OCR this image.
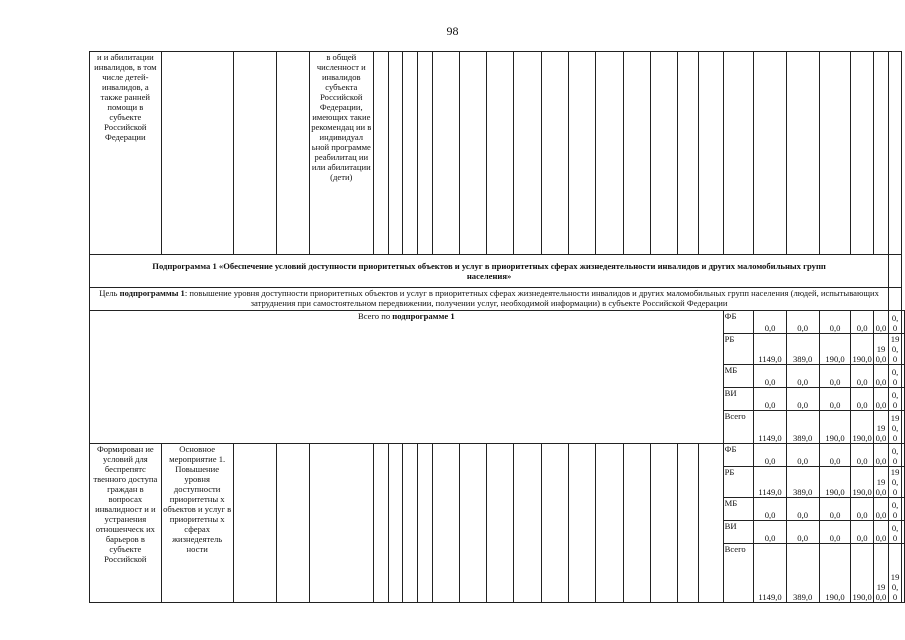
98
и и абилитации инвалидов, в том числе детей-инвалидов, а также ранней помощи в субъекте Российской Федерации				в общей численност и инвалидов субъекта Российской Федерации, имеющих такие рекомендац ии в индивидуал ьной программе реабилитац ии или абилитации (дети)																							
Подпрограмма 1 «Обеспечение условий доступности приоритетных объектов и услуг в приоритетных сферах жизнедеятельности инвалидов и других маломобильных групп населения»																											
Цель подпрограммы 1: повышение уровня доступности приоритетных объектов и услуг в приоритетных сферах жизнедеятельности инвалидов и других маломобильных групп населения (людей, испытывающих затруднения при самостоятельном передвижении, получении услуг, необходимой информации) в субъекте Российской Федерации																											
Всего по подпрограмме 1																				ФБ	0,0	0,0	0,0	0,0	0,0	0,0	
																				РБ	1149,0	389,0	190,0	190,0	190,0	190,0	
																				МБ	0,0	0,0	0,0	0,0	0,0	0,0	
																				ВИ	0,0	0,0	0,0	0,0	0,0	0,0	
																				Всего	1149,0	389,0	190,0	190,0	190,0	190,0	
Формирован ие условий для беспрепятс твенного доступа граждан в вопросах инвалидност и и устранения отношенческ их барьеров в субъекте Российской	Основное мероприятие 1. Повышение уровня доступности приоритетны х объектов и услуг в приоритетны х сферах жизнедеятель ности																			ФБ	0,0	0,0	0,0	0,0	0,0	0,0	
																				РБ	1149,0	389,0	190,0	190,0	190,0	190,0	
																				МБ	0,0	0,0	0,0	0,0	0,0	0,0	
																				ВИ	0,0	0,0	0,0	0,0	0,0	0,0	
																				Всего	1149,0	389,0	190,0	190,0	190,0	190,0	
